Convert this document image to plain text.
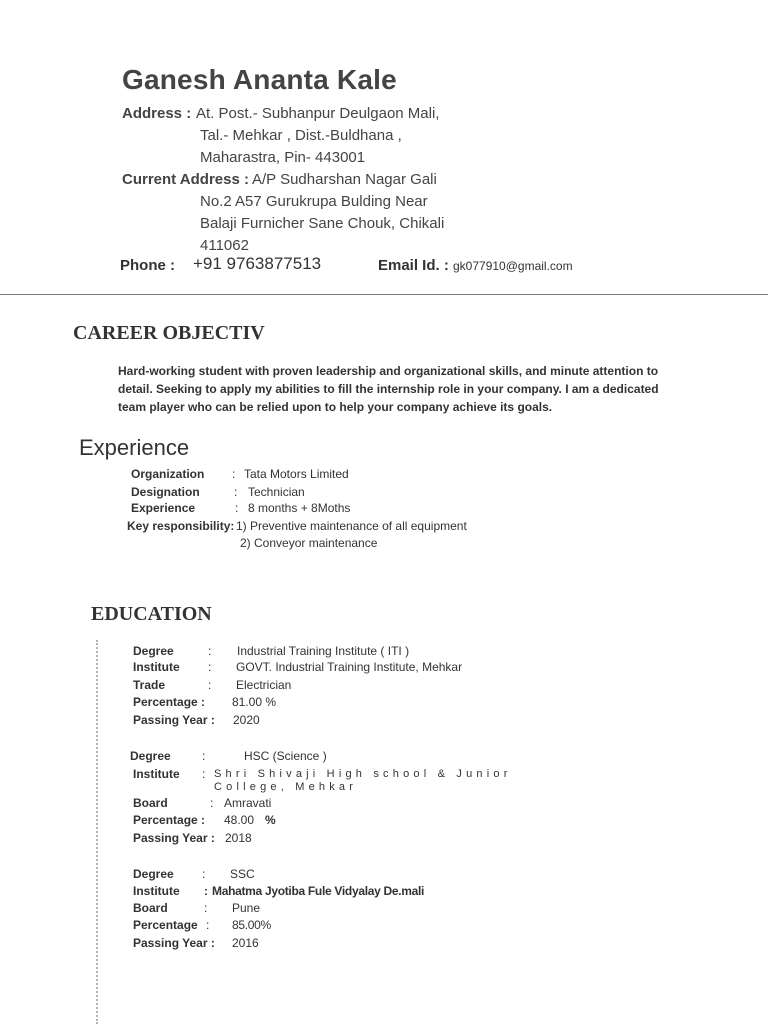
Ganesh Ananta Kale
Address : At. Post.- Subhanpur Deulgaon Mali,
Tal.- Mehkar , Dist.-Buldhana ,
Maharastra, Pin- 443001
Current Address : A/P Sudharshan Nagar Gali
No.2 A57 Gurukrupa Bulding Near
Balaji Furnicher Sane Chouk, Chikali
411062
Phone : +91 9763877513	Email Id. : gk077910@gmail.com
CAREER OBJECTIV
Hard-working student with proven leadership and organizational skills, and minute attention to detail. Seeking to apply my abilities to fill the internship role in your company. I am a dedicated team player who can be relied upon to help your company achieve its goals.
Experience
Organization : Tata Motors Limited
Designation	: Technician
Experience	: 8 months + 8Moths
Key responsibility: 1) Preventive maintenance of all equipment
2) Conveyor maintenance
EDUCATION
Degree	: Industrial Training Institute ( ITI )
Institute : GOVT. Industrial Training Institute, Mehkar
Trade	: Electrician
Percentage : 81.00 %
Passing Year : 2020
Degree	:	HSC (Science )
Institute : Shri Shivaji High school & Junior
College, Mehkar
Board	: Amravati
Percentage : 48.00 %
Passing Year : 2018
Degree : SSC
Institute : Mahatma Jyotiba Fule Vidyalay De.mali
Board	: Pune
Percentage : 85.00%
Passing Year : 2016
